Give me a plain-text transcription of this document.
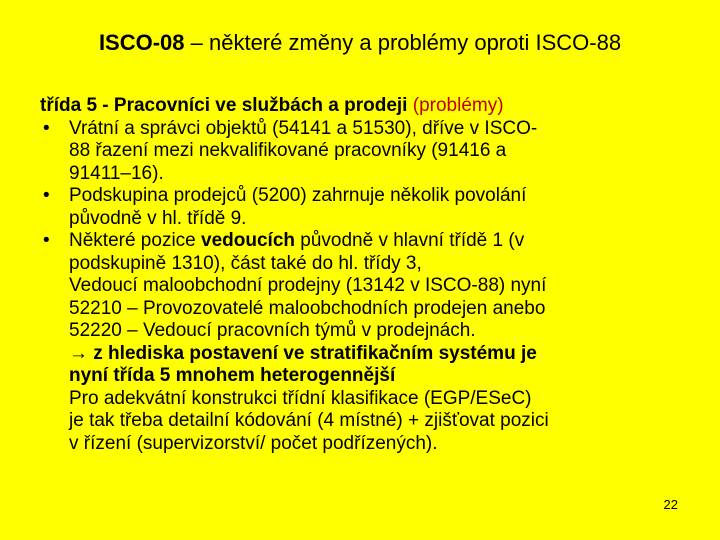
ISCO-08 – některé změny a problémy oproti ISCO-88
třída 5 - Pracovníci ve službách a prodeji (problémy)
• Vrátní a správci objektů (54141 a 51530), dříve v ISCO-
88 řazení mezi nekvalifikované pracovníky (91416 a
91411–16).
• Podskupina prodejců (5200) zahrnuje několik povolání
původně v hl. třídě 9.
• Některé pozice vedoucích původně v hlavní třídě 1 (v
podskupině 1310), část také do hl. třídy 3,
Vedoucí maloobchodní prodejny (13142 v ISCO-88) nyní
52210 – Provozovatelé maloobchodních prodejen anebo
52220 – Vedoucí pracovních týmů v prodejnách.
→ z hlediska postavení ve stratifikačním systému je
nyní třída 5 mnohem heterogennější
Pro adekvátní konstrukci třídní klasifikace (EGP/ESeC)
je tak třeba detailní kódování (4 místné) + zjišťovat pozici
v řízení (supervizorství/ počet podřízených).
22
